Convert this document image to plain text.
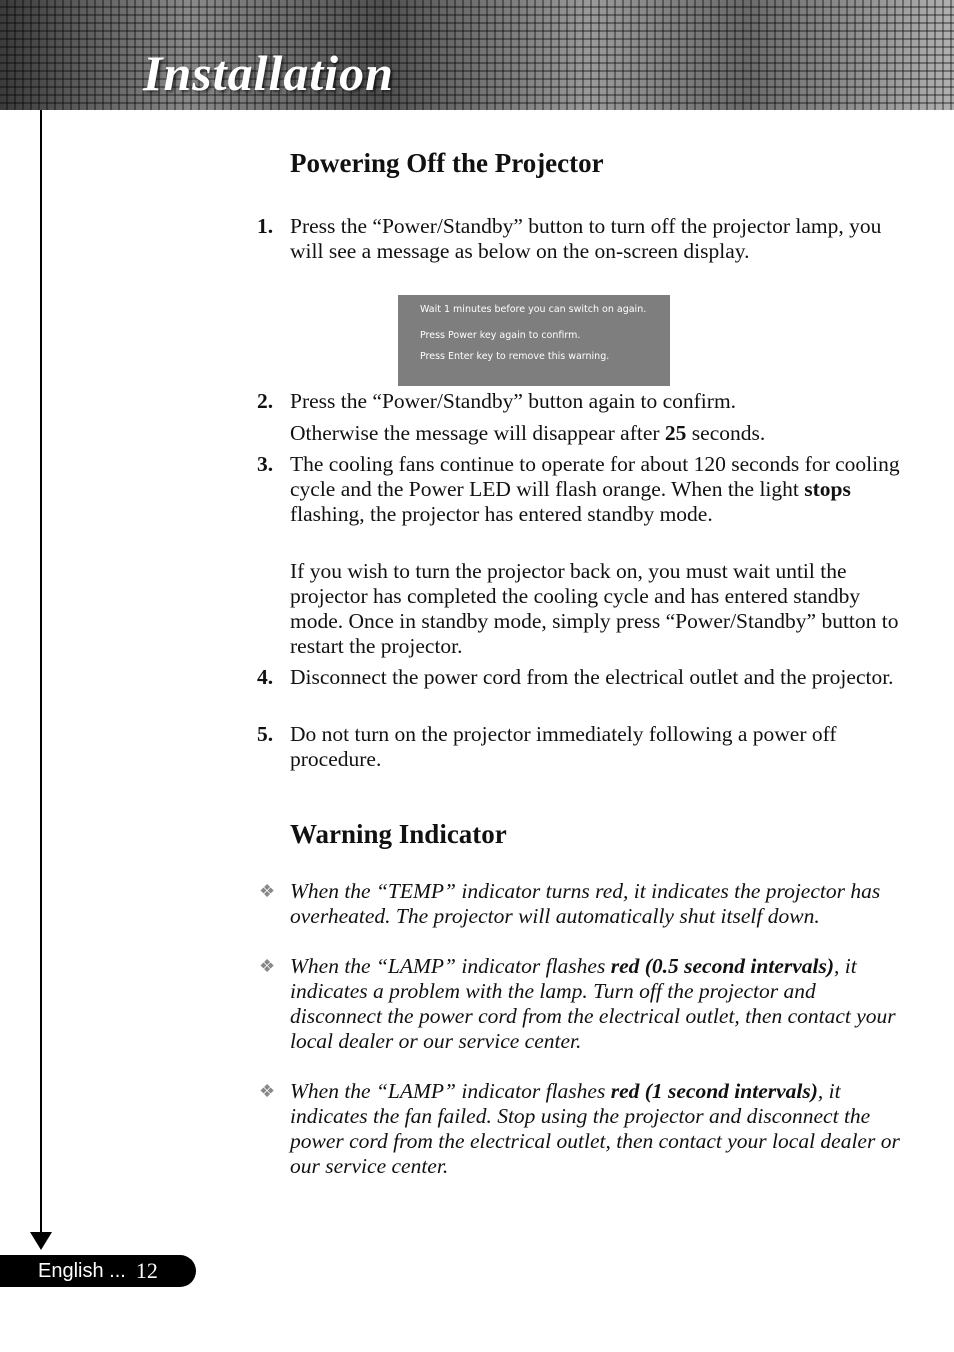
Installation
Powering Off the Projector
1. Press the “Power/Standby” button to turn off the projector lamp, you will see a message as below on the on-screen display.
Wait 1 minutes before you can switch on again.
Press Power key again to confirm.
Press Enter key to remove this warning.
2. Press the “Power/Standby” button again to confirm.
Otherwise the message will disappear after 25 seconds.
3. The cooling fans continue to operate for about 120 seconds for cooling cycle and the Power LED will flash orange. When the light stops flashing, the projector has entered standby mode.
If you wish to turn the projector back on, you must wait until the projector has completed the cooling cycle and has entered standby mode. Once in standby mode, simply press “Power/Standby” button to restart the projector.
4. Disconnect the power cord from the electrical outlet and the projector.
5. Do not turn on the projector immediately following a power off procedure.
Warning Indicator
❖ When the “TEMP” indicator turns red, it indicates the projector has overheated. The projector will automatically shut itself down.
❖ When the “LAMP” indicator flashes red (0.5 second intervals), it indicates a problem with the lamp. Turn off the projector and disconnect the power cord from the electrical outlet, then contact your local dealer or our service center.
❖ When the “LAMP” indicator flashes red (1 second intervals), it indicates the fan failed. Stop using the projector and disconnect the power cord from the electrical outlet, then contact your local dealer or our service center.
English ... 12
